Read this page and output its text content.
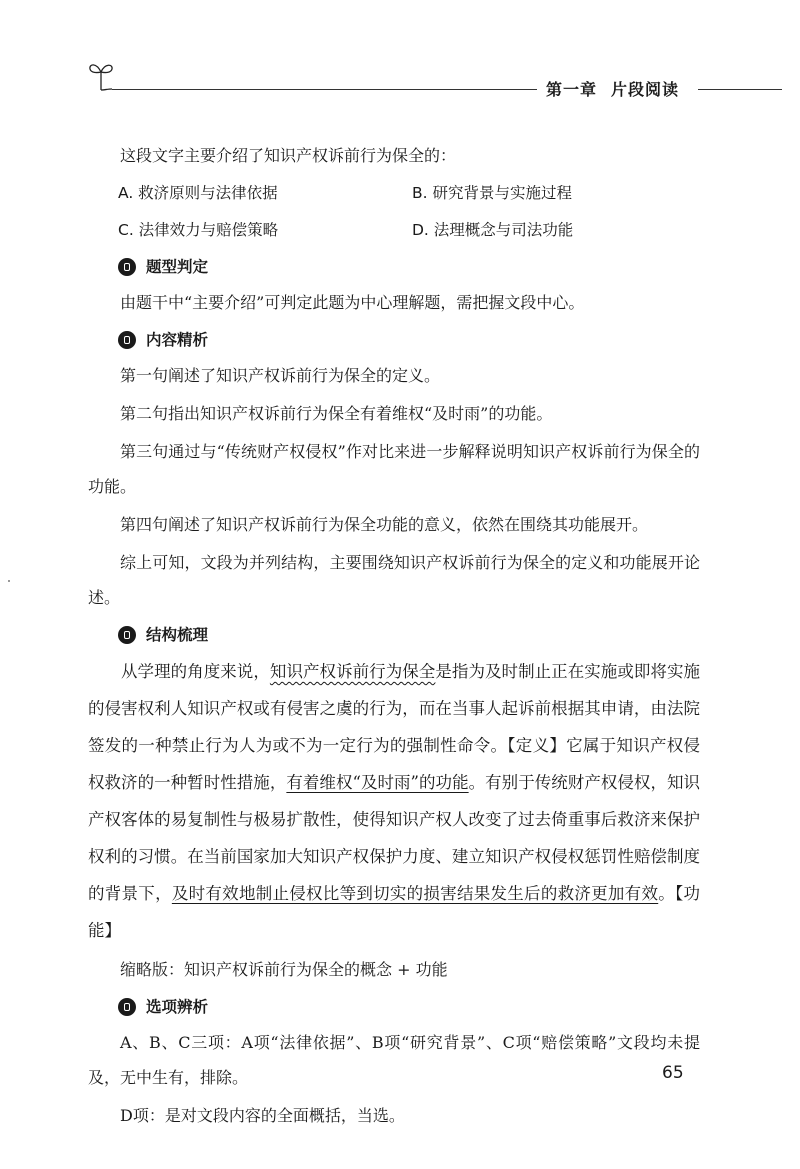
第一章 片段阅读

这段文字主要介绍了知识产权诉前行为保全的：

A. 救济原则与法律依据	B. 研究背景与实施过程
C. 法律效力与赔偿策略	D. 法理概念与司法功能
题型判定

由题干中“主要介绍”可判定此题为中心理解题，需把握文段中心。

内容精析

第一句阐述了知识产权诉前行为保全的定义。

第二句指出知识产权诉前行为保全有着维权“及时雨”的功能。

第三句通过与“传统财产权侵权”作对比来进一步解释说明知识产权诉前行为保全的功能。

第四句阐述了知识产权诉前行为保全功能的意义，依然在围绕其功能展开。

综上可知，文段为并列结构，主要围绕知识产权诉前行为保全的定义和功能展开论述。

结构梳理

从学理的角度来说，知识产权诉前行为保全是指为及时制止正在实施或即将实施的侵害权利人知识产权或有侵害之虞的行为，而在当事人起诉前根据其申请，由法院签发的一种禁止行为人为或不为一定行为的强制性命令。【定义】它属于知识产权侵权救济的一种暂时性措施，有着维权“及时雨”的功能。有别于传统财产权侵权，知识产权客体的易复制性与极易扩散性，使得知识产权人改变了过去倚重事后救济来保护权利的习惯。在当前国家加大知识产权保护力度、建立知识产权侵权惩罚性赔偿制度的背景下，及时有效地制止侵权比等到切实的损害结果发生后的救济更加有效。【功能】

缩略版：知识产权诉前行为保全的概念 + 功能

选项辨析

A、B、C三项：A项“法律依据”、B项“研究背景”、C项“赔偿策略”文段均未提及，无中生有，排除。

D项：是对文段内容的全面概括，当选。

65
